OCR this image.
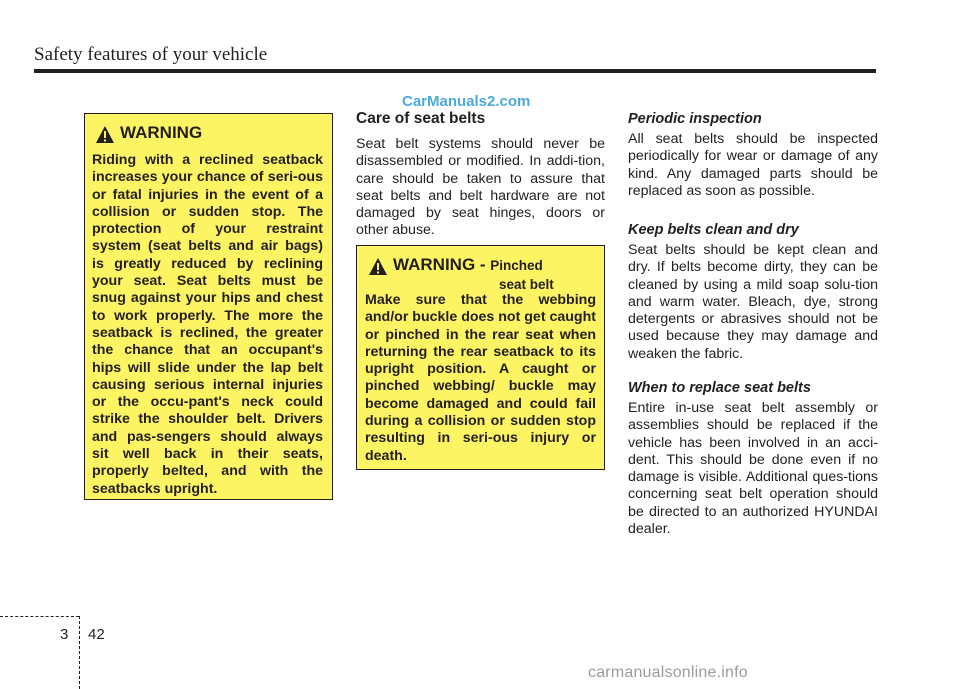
Safety features of your vehicle
CarManuals2.com
WARNING
Riding with a reclined seatback increases your chance of seri-ous or fatal injuries in the event of a collision or sudden stop. The protection of your restraint system (seat belts and air bags) is greatly reduced by reclining your seat. Seat belts must be snug against your hips and chest to work properly. The more the seatback is reclined, the greater the chance that an occupant's hips will slide under the lap belt causing serious internal injuries or the occu-pant's neck could strike the shoulder belt. Drivers and pas-sengers should always sit well back in their seats, properly belted, and with the seatbacks upright.
Care of seat belts
Seat belt systems should never be disassembled or modified. In addi-tion, care should be taken to assure that seat belts and belt hardware are not damaged by seat hinges, doors or other abuse.
WARNING - Pinched
seat belt
Make sure that the webbing and/or buckle does not get caught or pinched in the rear seat when returning the rear seatback to its upright position. A caught or pinched webbing/ buckle may become damaged and could fail during a collision or sudden stop resulting in seri-ous injury or death.
Periodic inspection
All seat belts should be inspected periodically for wear or damage of any kind. Any damaged parts should be replaced as soon as possible.
Keep belts clean and dry
Seat belts should be kept clean and dry. If belts become dirty, they can be cleaned by using a mild soap solu-tion and warm water. Bleach, dye, strong detergents or abrasives should not be used because they may damage and weaken the fabric.
When to replace seat belts
Entire in-use seat belt assembly or assemblies should be replaced if the vehicle has been involved in an acci-dent. This should be done even if no damage is visible. Additional ques-tions concerning seat belt operation should be directed to an authorized HYUNDAI dealer.
3 42
carmanualsonline.info
